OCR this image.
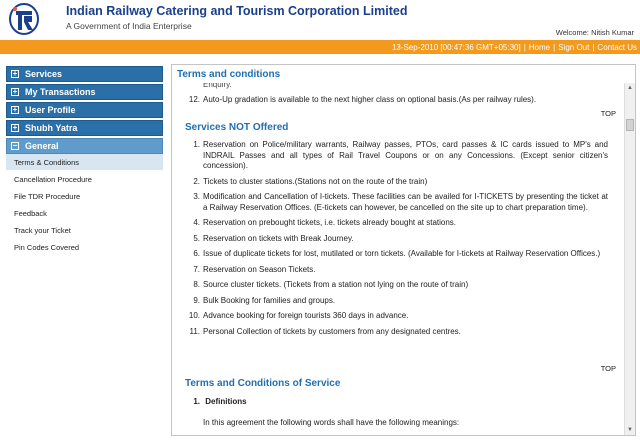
Indian Railway Catering and Tourism Corporation Limited
A Government of India Enterprise
Welcome: Nitish Kumar
13-Sep-2010 [00:47:36 GMT+05:30] | Home | Sign Out | Contact Us
+ Services
+ My Transactions
+ User Profile
+ Shubh Yatra
− General
Terms & Conditions
Cancellation Procedure
File TDR Procedure
Feedback
Track your Ticket
Pin Codes Covered
Terms and conditions
Enquiry.
12. Auto-Up gradation is available to the next higher class on optional basis.(As per railway rules).
TOP
Services NOT Offered
1. Reservation on Police/military warrants, Railway passes, PTOs, card passes & IC cards issued to MP's and INDRAIL Passes and all types of Rail Travel Coupons or on any Concessions. (Except senior citizen's concession).
2. Tickets to cluster stations.(Stations not on the route of the train)
3. Modification and Cancellation of I-tickets. These facilities can be availed for I-TICKETS by presenting the ticket at a Railway Reservation Offices. (E-tickets can however, be cancelled on the site up to chart preparation time).
4. Reservation on prebought tickets, i.e. tickets already bought at stations.
5. Reservation on tickets with Break Journey.
6. Issue of duplicate tickets for lost, mutilated or torn tickets. (Available for I-tickets at Railway Reservation Offices.)
7. Reservation on Season Tickets.
8. Source cluster tickets. (Tickets from a station not lying on the route of train)
9. Bulk Booking for families and groups.
10. Advance booking for foreign tourists 360 days in advance.
11. Personal Collection of tickets by customers from any designated centres.
TOP
Terms and Conditions of Service
1. Definitions
In this agreement the following words shall have the following meanings:
▲
▼
